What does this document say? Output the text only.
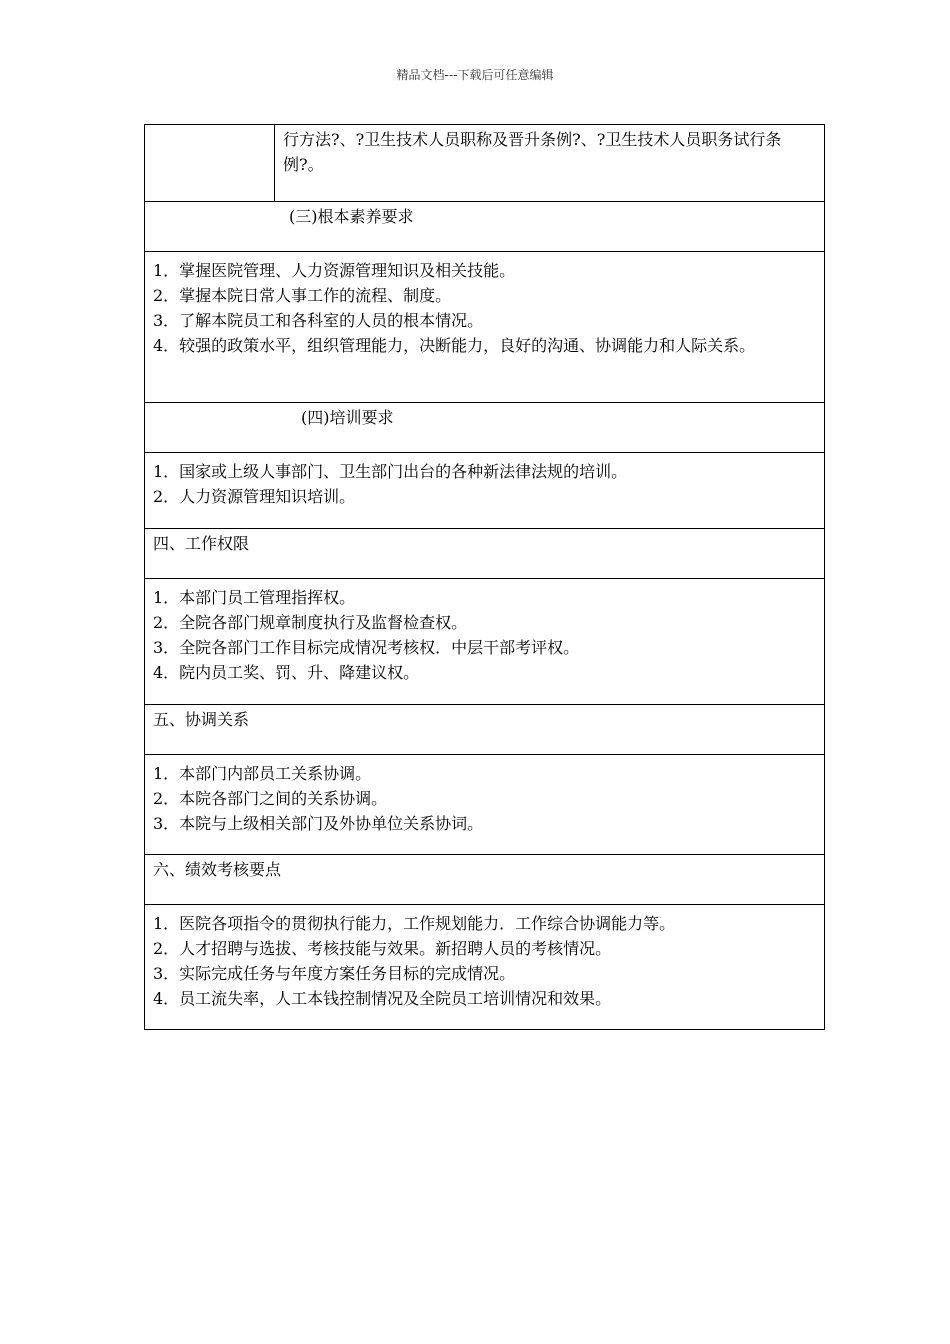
精品文档---下载后可任意编辑
行方法?、?卫生技术人员职称及晋升条例?、?卫生技术人员职务试行条例?。
(三)根本素养要求
1．掌握医院管理、人力资源管理知识及相关技能。
2．掌握本院日常人事工作的流程、制度。
3．了解本院员工和各科室的人员的根本情况。
4．较强的政策水平，组织管理能力，决断能力，良好的沟通、协调能力和人际关系。
(四)培训要求
1．国家或上级人事部门、卫生部门出台的各种新法律法规的培训。
2．人力资源管理知识培训。
四、工作权限
1．本部门员工管理指挥权。
2．全院各部门规章制度执行及监督检查权。
3．全院各部门工作目标完成情况考核权．中层干部考评权。
4．院内员工奖、罚、升、降建议权。
五、协调关系
1．本部门内部员工关系协调。
2．本院各部门之间的关系协调。
3．本院与上级相关部门及外协单位关系协词。
六、绩效考核要点
1．医院各项指令的贯彻执行能力，工作规划能力．工作综合协调能力等。
2．人才招聘与选拔、考核技能与效果。新招聘人员的考核情况。
3．实际完成任务与年度方案任务目标的完成情况。
4．员工流失率，人工本钱控制情况及全院员工培训情况和效果。
